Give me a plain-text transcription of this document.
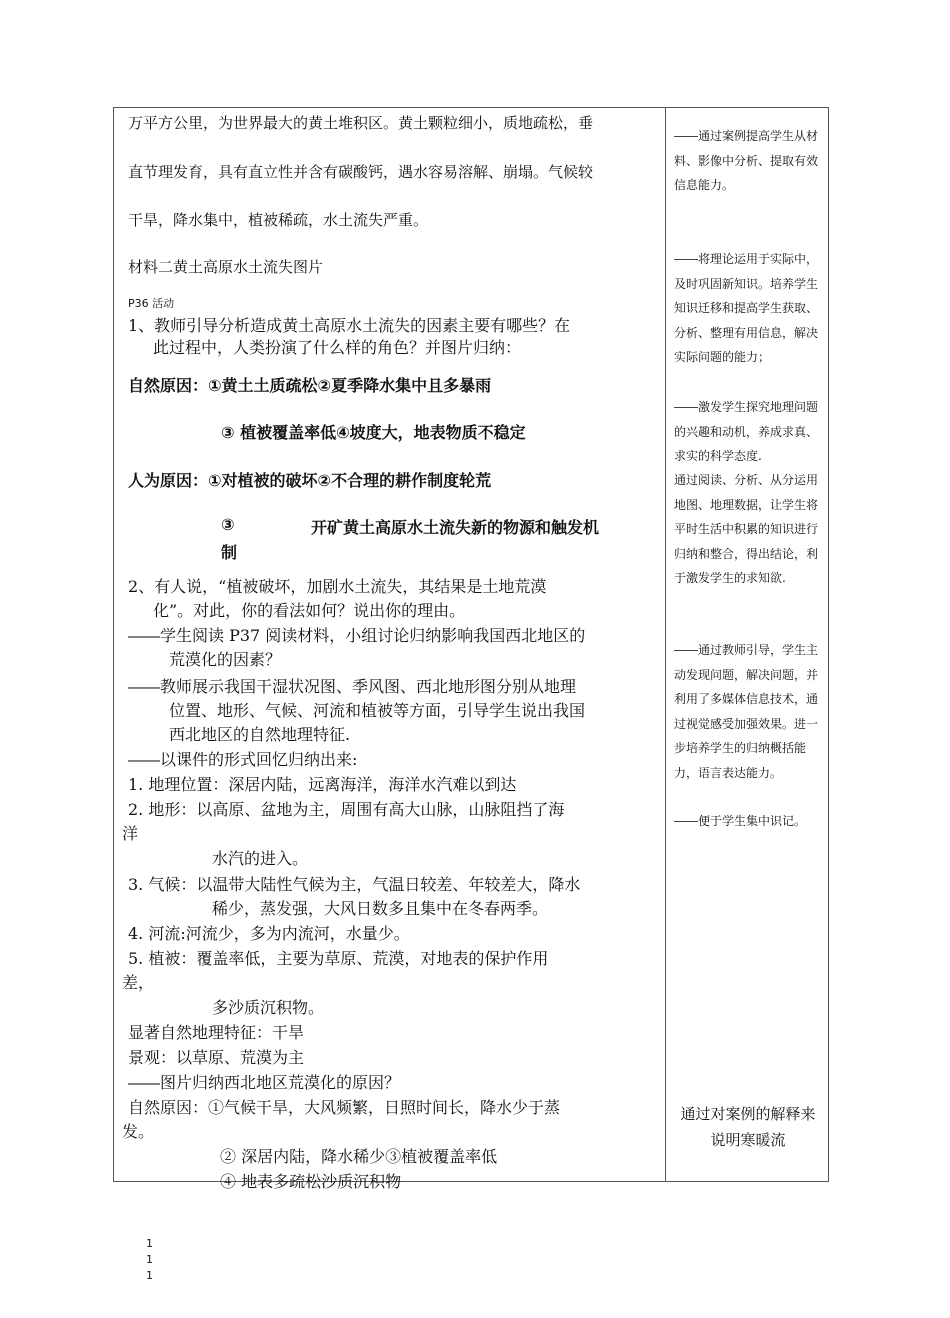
万平方公里，为世界最大的黄土堆积区。黄土颗粒细小，质地疏松，垂
直节理发育，具有直立性并含有碳酸钙，遇水容易溶解、崩塌。气候较
干旱，降水集中，植被稀疏，水土流失严重。
材料二黄土高原水土流失图片
P36 活动
1、教师引导分析造成黄土高原水土流失的因素主要有哪些？在
此过程中，人类扮演了什么样的角色？并图片归纳：
自然原因：①黄土土质疏松②夏季降水集中且多暴雨
③ 植被覆盖率低④坡度大，地表物质不稳定
人为原因：①对植被的破坏②不合理的耕作制度轮荒
③	开矿黄土高原水土流失新的物源和触发机
制
2、有人说，“植被破坏，加剧水土流失，其结果是土地荒漠
化”。对此，你的看法如何？说出你的理由。
――学生阅读 P37 阅读材料，小组讨论归纳影响我国西北地区的
荒漠化的因素？
――教师展示我国干湿状况图、季风图、西北地形图分别从地理
位置、地形、气候、河流和植被等方面，引导学生说出我国
西北地区的自然地理特征.
――以课件的形式回忆归纳出来:
1. 地理位置：深居内陆，远离海洋，海洋水汽难以到达
2. 地形：以高原、盆地为主，周围有高大山脉，山脉阻挡了海
洋
水汽的进入。
3. 气候：以温带大陆性气候为主，气温日较差、年较差大，降水
稀少，蒸发强，大风日数多且集中在冬春两季。
4. 河流:河流少，多为内流河，水量少。
5. 植被：覆盖率低，主要为草原、荒漠，对地表的保护作用
差，
多沙质沉积物。
显著自然地理特征：干旱
景观：以草原、荒漠为主
――图片归纳西北地区荒漠化的原因？
自然原因：①气候干旱，大风频繁，日照时间长，降水少于蒸
发。
② 深居内陆，降水稀少③植被覆盖率低
④ 地表多疏松沙质沉积物
――通过案例提高学生从材料、影像中分析、提取有效信息能力。
――将理论运用于实际中，及时巩固新知识。培养学生知识迁移和提高学生获取、分析、整理有用信息，解决实际问题的能力；
――激发学生探究地理问题的兴趣和动机，养成求真、求实的科学态度.
通过阅读、分析、从分运用地图、地理数据，让学生将平时生活中积累的知识进行归纳和整合，得出结论，利于激发学生的求知欲.
――通过教师引导，学生主动发现问题，解决问题，并利用了多媒体信息技术，通过视觉感受加强效果。进一步培养学生的归纳概括能力，语言表达能力。
――便于学生集中识记。
通过对案例的解释来说明寒暖流
1
1
1
